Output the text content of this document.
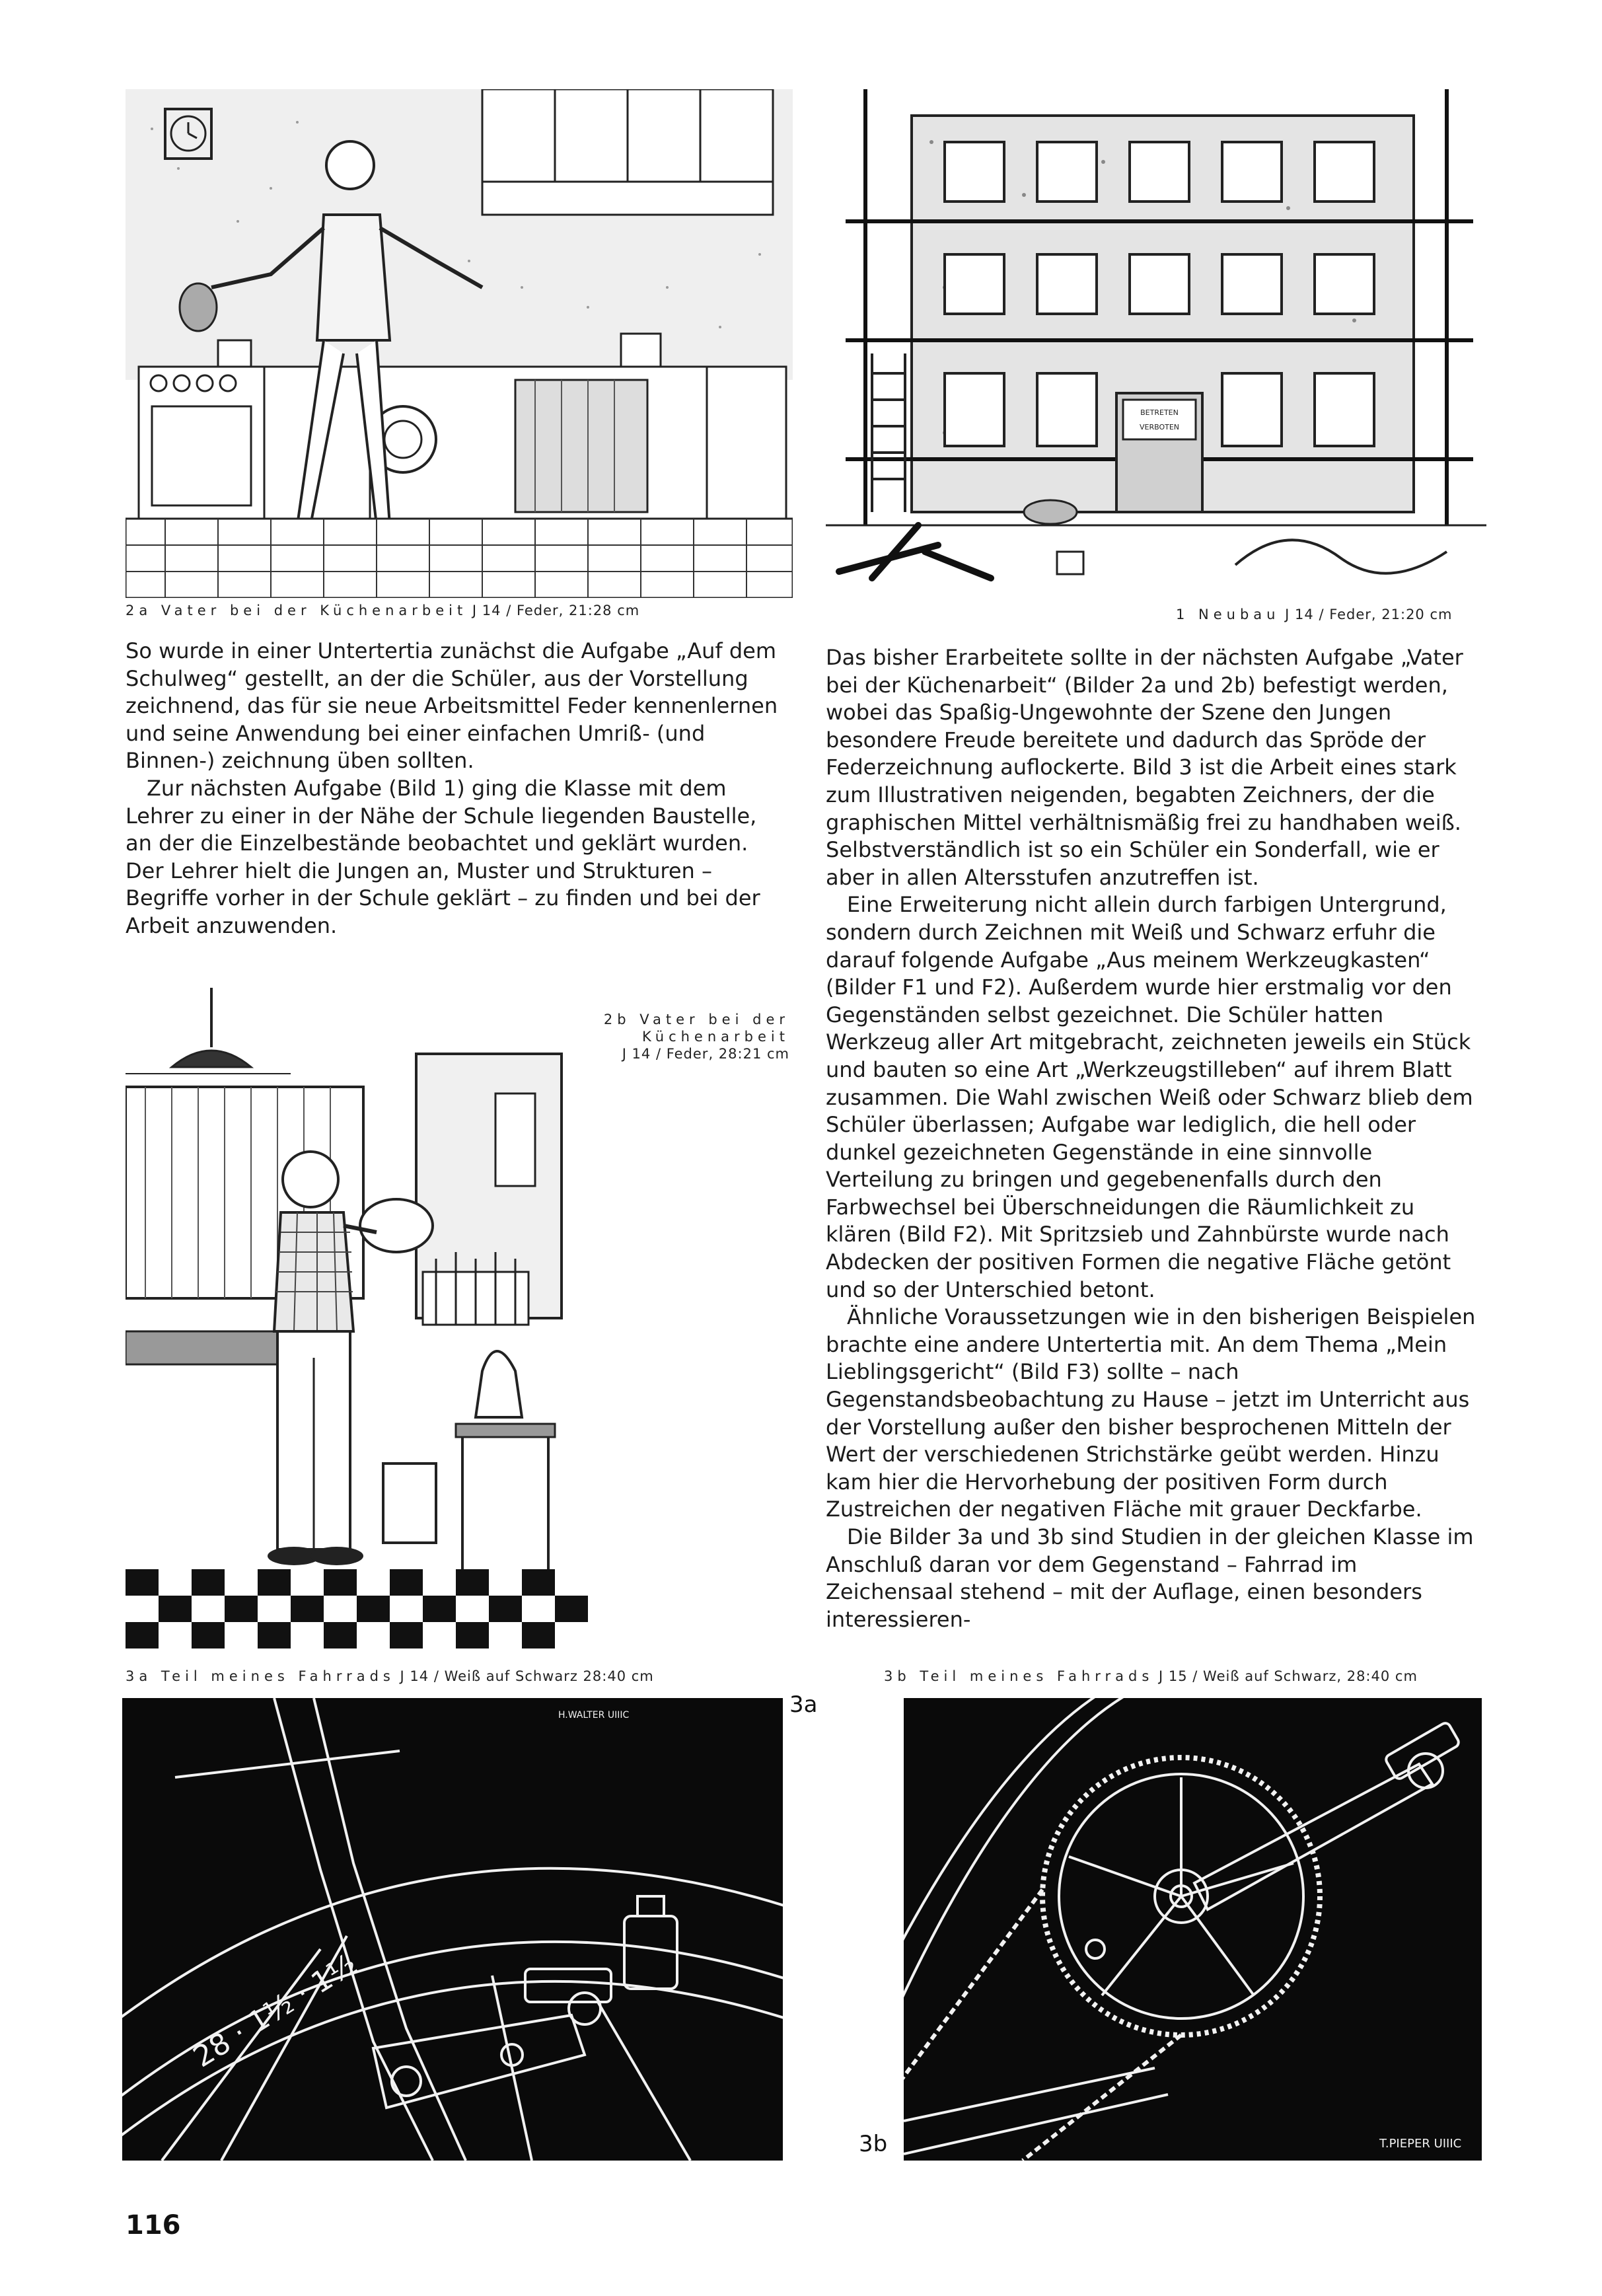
2a Vater bei der Küchenarbeit J 14 / Feder, 21:28 cm
BETRETEN
VERBOTEN
1 Neubau J 14 / Feder, 21:20 cm

So wurde in einer Untertertia zunächst die Aufgabe „Auf dem Schulweg“ gestellt, an der die Schüler, aus der Vorstellung zeichnend, das für sie neue Arbeitsmittel Feder kennenlernen und seine Anwendung bei einer einfachen Umriß- (und Binnen-) zeichnung üben sollten.

Zur nächsten Aufgabe (Bild 1) ging die Klasse mit dem Lehrer zu einer in der Nähe der Schule liegenden Baustelle, an der die Einzelbestände beobachtet und geklärt wurden. Der Lehrer hielt die Jungen an, Muster und Strukturen – Begriffe vorher in der Schule geklärt – zu finden und bei der Arbeit anzuwenden.

2b Vater bei der
Küchenarbeit
J 14 / Feder, 28:21 cm

Das bisher Erarbeitete sollte in der nächsten Aufgabe „Vater bei der Küchenarbeit“ (Bilder 2a und 2b) befestigt werden, wobei das Spaßig-Ungewohnte der Szene den Jungen besondere Freude bereitete und dadurch das Spröde der Federzeichnung auflockerte. Bild 3 ist die Arbeit eines stark zum Illustrativen neigenden, begabten Zeichners, der die graphischen Mittel verhältnismäßig frei zu handhaben weiß. Selbstverständlich ist so ein Schüler ein Sonderfall, wie er aber in allen Altersstufen anzutreffen ist.

Eine Erweiterung nicht allein durch farbigen Untergrund, sondern durch Zeichnen mit Weiß und Schwarz erfuhr die darauf folgende Aufgabe „Aus meinem Werkzeugkasten“ (Bilder F1 und F2). Außerdem wurde hier erstmalig vor den Gegenständen selbst gezeichnet. Die Schüler hatten Werkzeug aller Art mitgebracht, zeichneten jeweils ein Stück und bauten so eine Art „Werkzeugstilleben“ auf ihrem Blatt zusammen. Die Wahl zwischen Weiß oder Schwarz blieb dem Schüler überlassen; Aufgabe war lediglich, die hell oder dunkel gezeichneten Gegenstände in eine sinnvolle Verteilung zu bringen und gegebenenfalls durch den Farbwechsel bei Überschneidungen die Räumlichkeit zu klären (Bild F2). Mit Spritzsieb und Zahnbürste wurde nach Abdecken der positiven Formen die negative Fläche getönt und so der Unterschied betont.

Ähnliche Voraussetzungen wie in den bisherigen Beispielen brachte eine andere Untertertia mit. An dem Thema „Mein Lieblingsgericht“ (Bild F3) sollte – nach Gegenstandsbeobachtung zu Hause – jetzt im Unterricht aus der Vorstellung außer den bisher besprochenen Mitteln der Wert der verschiedenen Strichstärke geübt werden. Hinzu kam hier die Hervorhebung der positiven Form durch Zustreichen der negativen Fläche mit grauer Deckfarbe.

Die Bilder 3a und 3b sind Studien in der gleichen Klasse im Anschluß daran vor dem Gegenstand – Fahrrad im Zeichensaal stehend – mit der Auflage, einen besonders interessieren-

3a Teil meines Fahrrads J 14 / Weiß auf Schwarz 28:40 cm
28 · 1½ · 1½
H.WALTER UIIIC	3a
3b Teil meines Fahrrads J 15 / Weiß auf Schwarz, 28:40 cm
T.PIEPER UIIIC
3b
116
